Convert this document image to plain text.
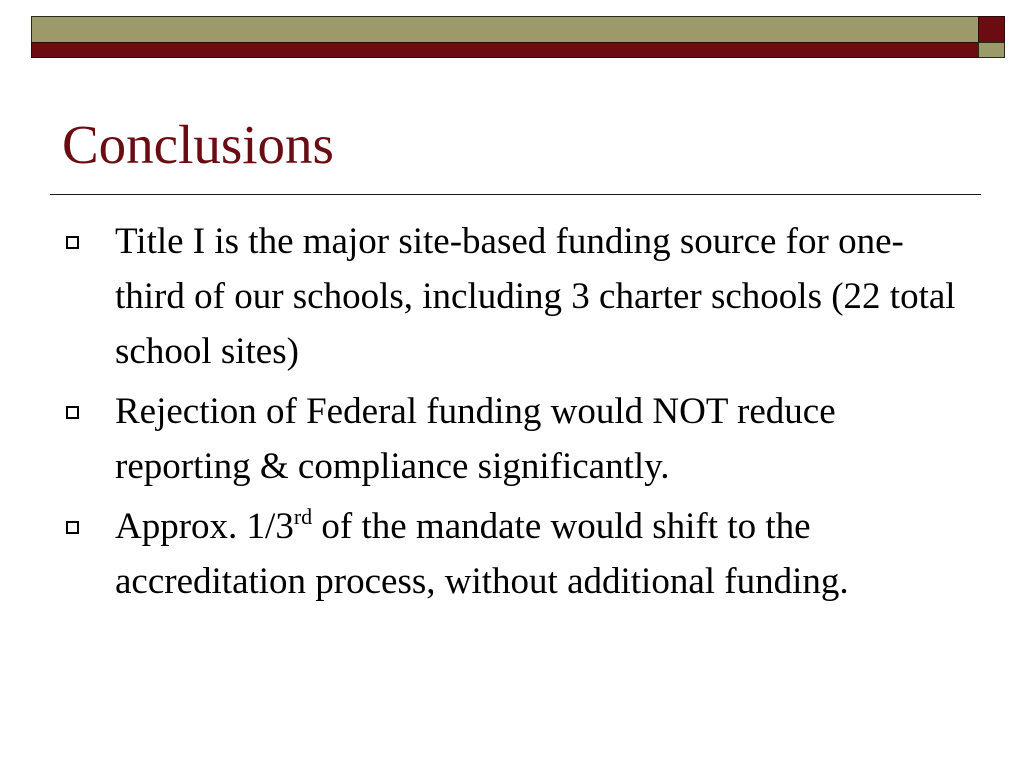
Conclusions
Title I is the major site-based funding source for one-third of our schools, including 3 charter schools (22 total school sites)
Rejection of Federal funding would NOT reduce reporting & compliance significantly.
Approx. 1/3rd of the mandate would shift to the accreditation process, without additional funding.
